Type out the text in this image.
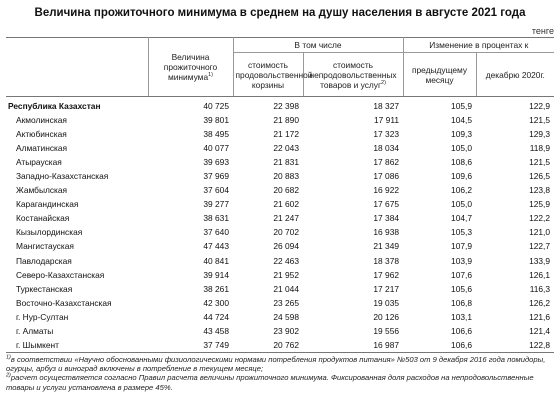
Величина прожиточного минимума в среднем на душу населения в августе 2021 года
тенге
	Величина прожиточного минимума$^{1)}$	В том числе		Изменение в процентах к	
		стоимость продовольственной корзины	стоимость непродовольственных товаров и услуг$^{2)}$	предыдущему месяцу	декабрю 2020г.
Республика Казахстан	40 725	22 398	18 327	105,9	122,9
Акмолинская	39 801	21 890	17 911	104,5	121,5
Актюбинская	38 495	21 172	17 323	109,3	129,3
Алматинская	40 077	22 043	18 034	105,0	118,9
Атырауская	39 693	21 831	17 862	108,6	121,5
Западно-Казахстанская	37 969	20 883	17 086	109,6	126,5
Жамбылская	37 604	20 682	16 922	106,2	123,8
Карагандинская	39 277	21 602	17 675	105,0	125,9
Костанайская	38 631	21 247	17 384	104,7	122,2
Кызылординская	37 640	20 702	16 938	105,3	121,0
Мангистауская	47 443	26 094	21 349	107,9	122,7
Павлодарская	40 841	22 463	18 378	103,9	133,9
Северо-Казахстанская	39 914	21 952	17 962	107,6	126,1
Туркестанская	38 261	21 044	17 217	105,6	116,3
Восточно-Казахстанская	42 300	23 265	19 035	106,8	126,2
г. Нур-Султан	44 724	24 598	20 126	103,1	121,6
г. Алматы	43 458	23 902	19 556	106,6	121,4
г. Шымкент	37 749	20 762	16 987	106,6	122,8

$^{1)}$в соответствии «Научно обоснованными физиологическими нормами потребления продуктов питания» №503 от 9 декабря 2016 года помидоры, огурцы, арбуз и виноград включены в потребление в текущем месяце;

$^{2)}$расчет осуществляется согласно Правил расчета величины прожиточного минимума. Фиксированная доля расходов на непродовольственные товары и услуги установлена в размере 45%.
